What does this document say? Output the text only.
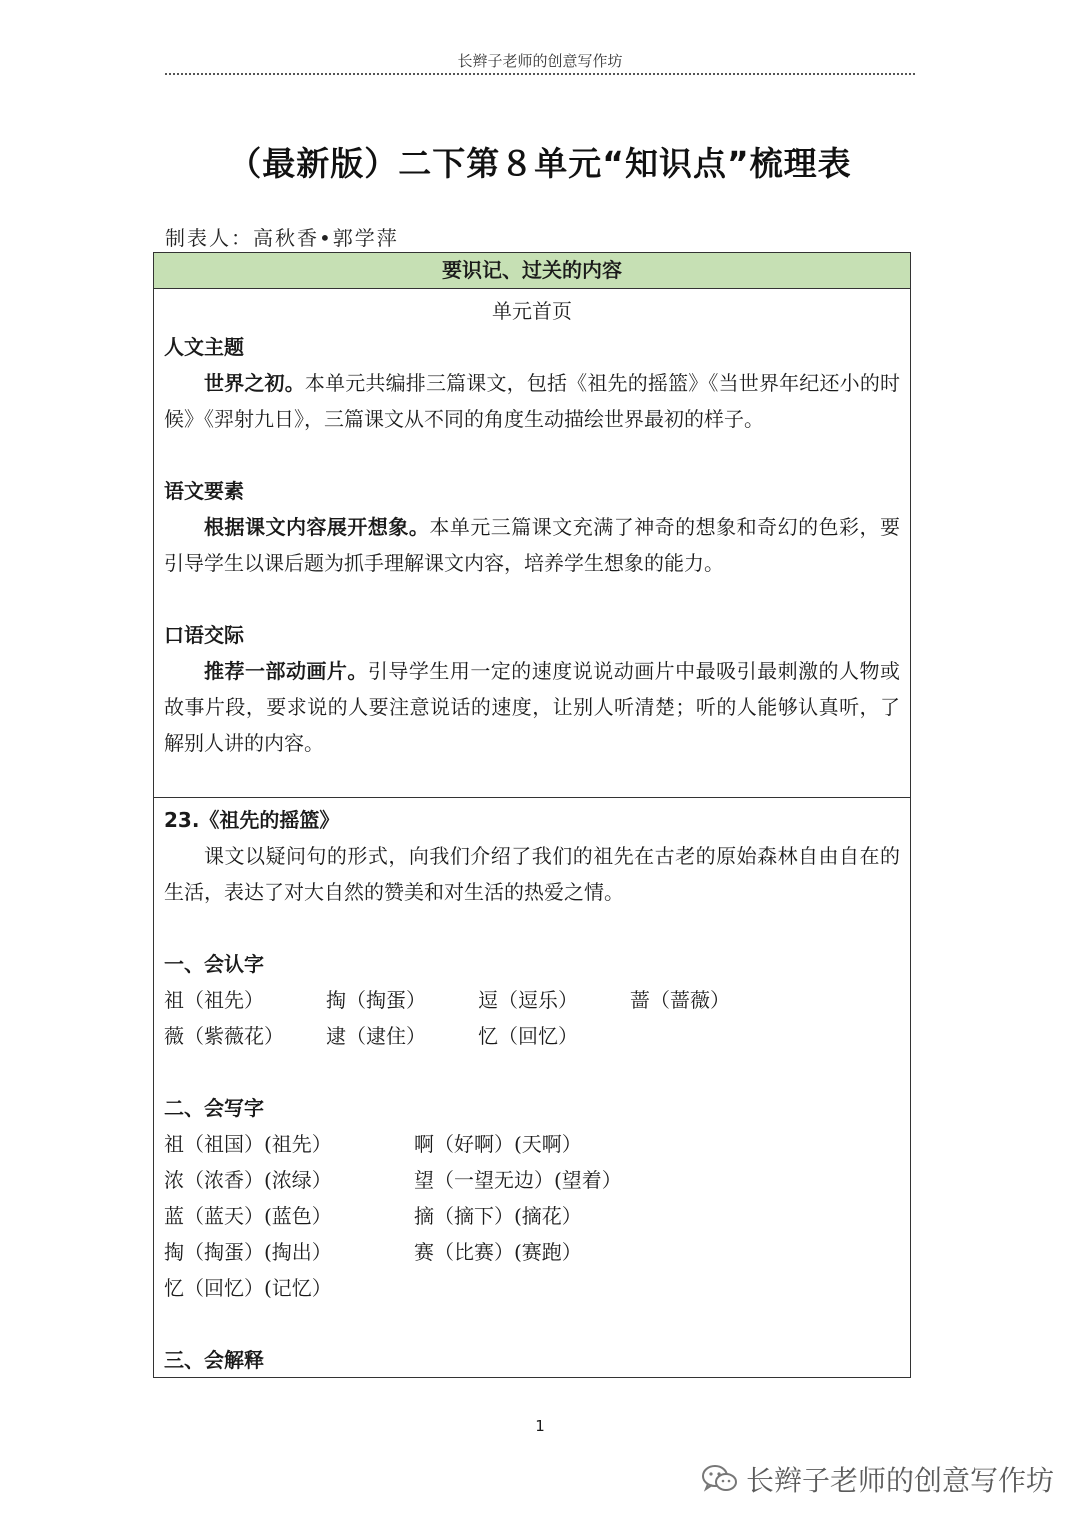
长辫子老师的创意写作坊
（最新版）二下第８单元“知识点”梳理表
制表人：高秋香•郭学萍
要识记、过关的内容
单元首页
人文主题
世界之初。本单元共编排三篇课文，包括《祖先的摇篮》《当世界年纪还小的时候》《羿射九日》，三篇课文从不同的角度生动描绘世界最初的样子。
语文要素
根据课文内容展开想象。本单元三篇课文充满了神奇的想象和奇幻的色彩，要引导学生以课后题为抓手理解课文内容，培养学生想象的能力。
口语交际
推荐一部动画片。引导学生用一定的速度说说动画片中最吸引最刺激的人物或故事片段，要求说的人要注意说话的速度，让别人听清楚；听的人能够认真听，了解别人讲的内容。
23.《祖先的摇篮》
课文以疑问句的形式，向我们介绍了我们的祖先在古老的原始森林自由自在的生活，表达了对大自然的赞美和对生活的热爱之情。
一、会认字
祖（祖先）	掏（掏蛋）	逗（逗乐）	蔷（蔷薇）
薇（紫薇花）	逮（逮住）	忆（回忆）
二、会写字
祖（祖国）(祖先）	啊（好啊）(天啊）
浓（浓香）(浓绿）	望（一望无边）(望着）
蓝（蓝天）(蓝色）	摘（摘下）(摘花）
掏（掏蛋）(掏出）	赛（比赛）(赛跑）
忆（回忆）(记忆）
三、会解释
1
长辫子老师的创意写作坊
